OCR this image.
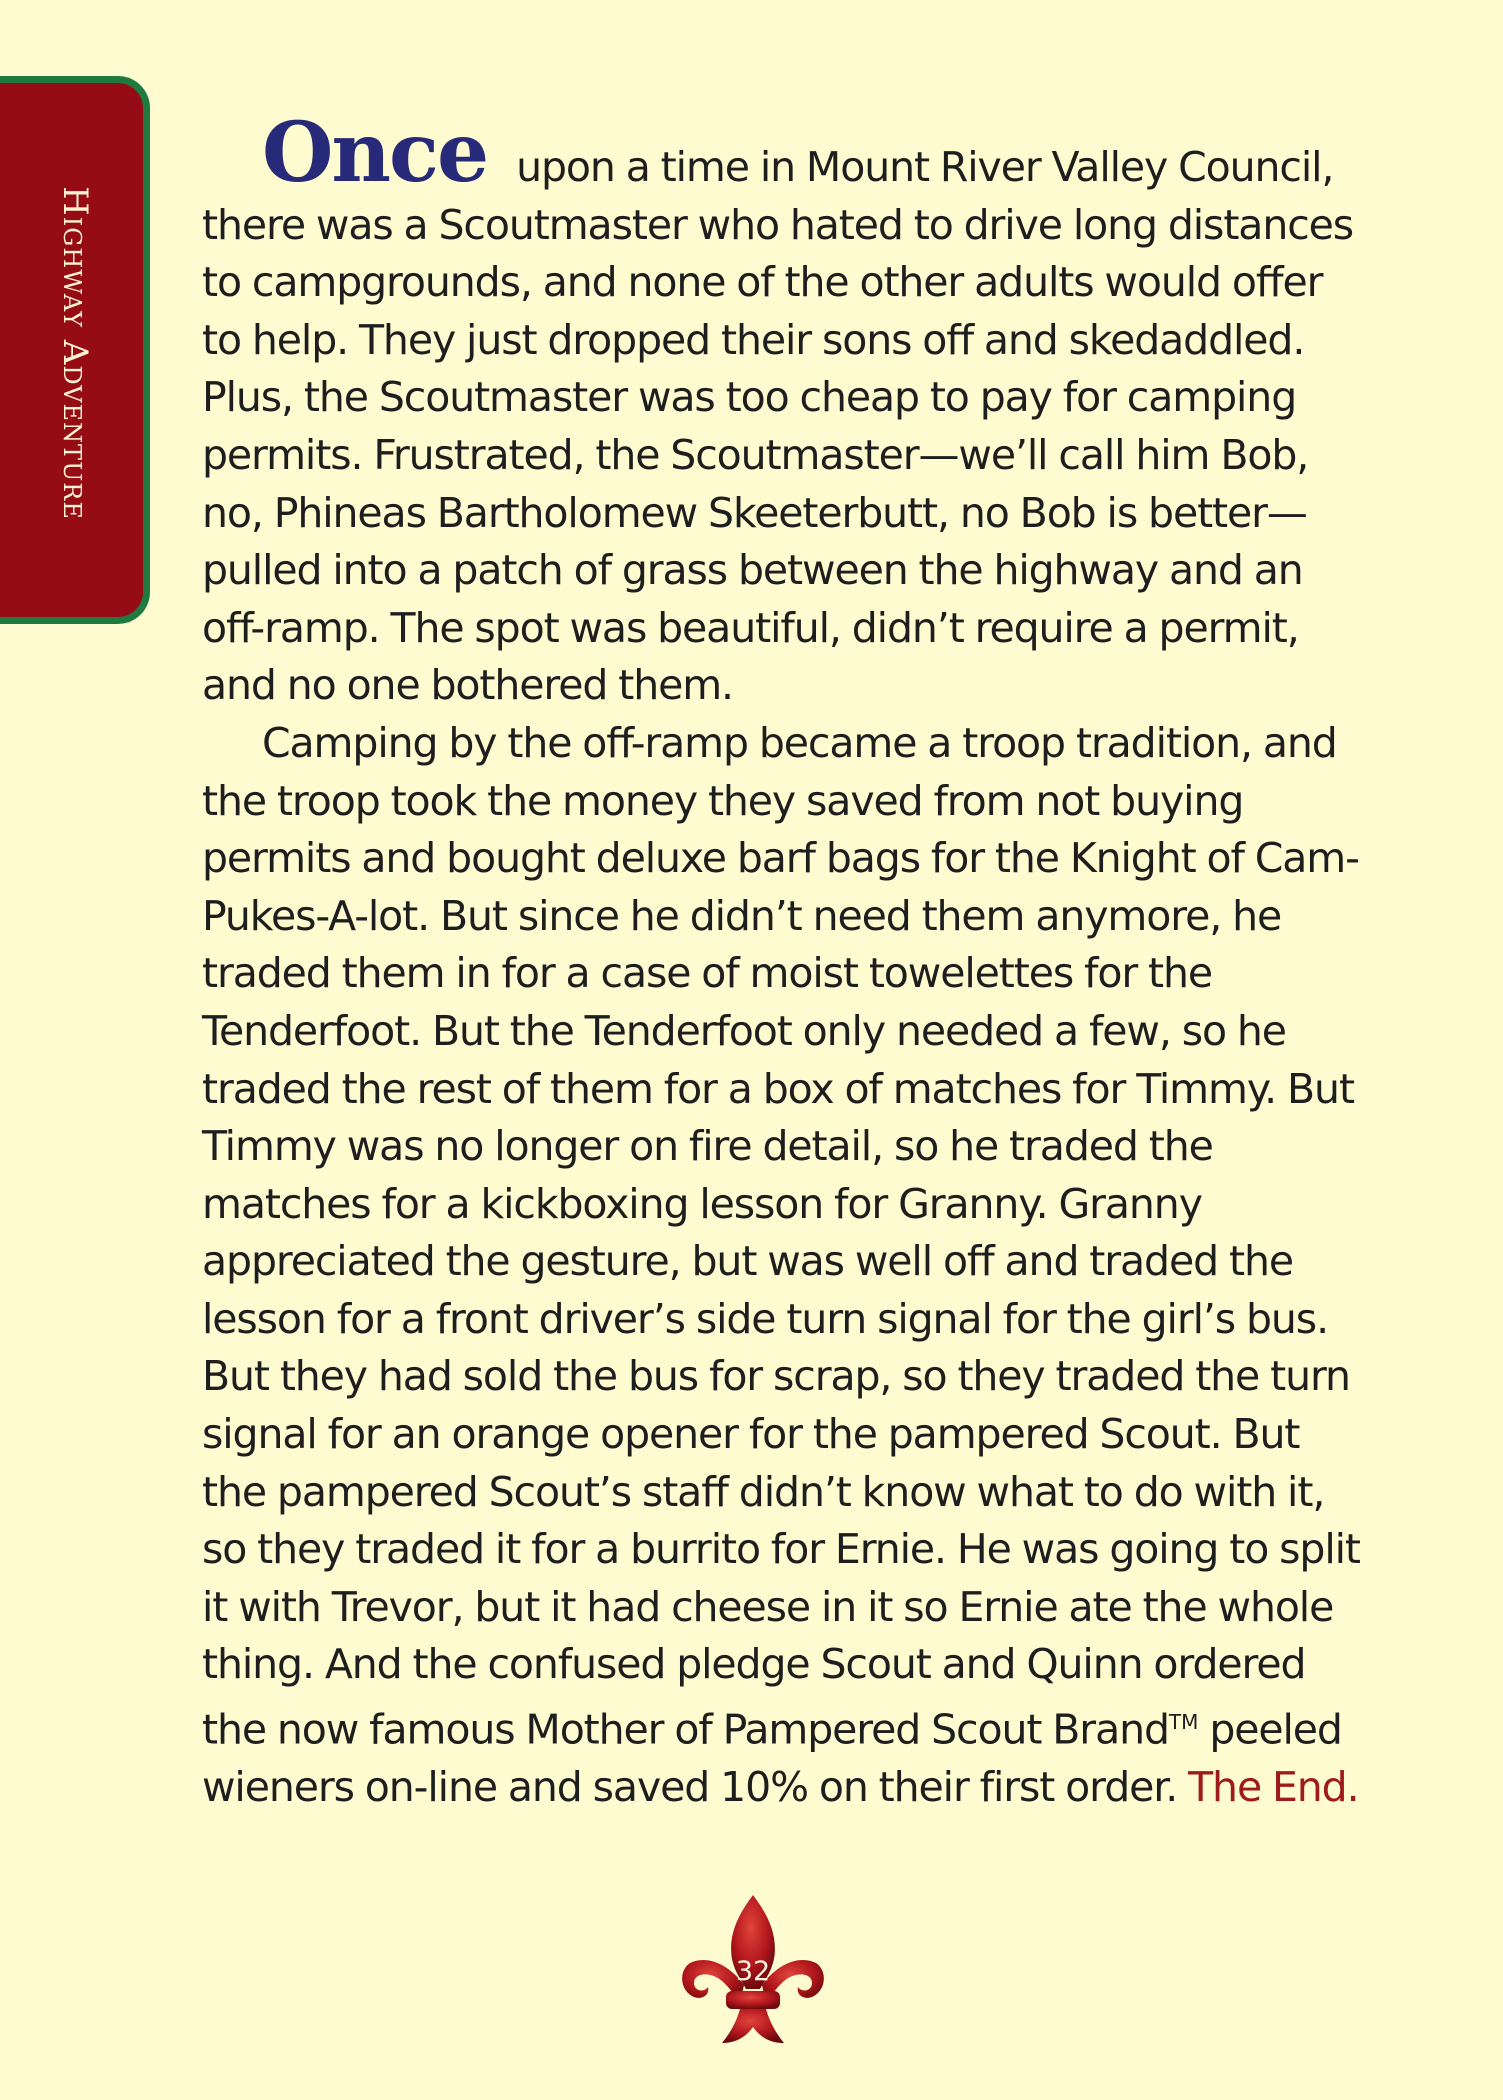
Highway Adventure

Once upon a time in Mount River Valley Council, there was a Scoutmaster who hated to drive long distances to campgrounds, and none of the other adults would offer to help. They just dropped their sons off and skedaddled. Plus, the Scoutmaster was too cheap to pay for camping permits. Frustrated, the Scoutmaster—we’ll call him Bob, no, Phineas Bartholomew Skeeterbutt, no Bob is better—pulled into a patch of grass between the highway and an off-ramp. The spot was beautiful, didn’t require a permit, and no one bothered them.

Camping by the off-ramp became a troop tradition, and the troop took the money they saved from not buying permits and bought deluxe barf bags for the Knight of Cam-Pukes-A-lot. But since he didn’t need them anymore, he traded them in for a case of moist towelettes for the Tenderfoot. But the Tenderfoot only needed a few, so he traded the rest of them for a box of matches for Timmy. But Timmy was no longer on fire detail, so he traded the matches for a kickboxing lesson for Granny. Granny appreciated the gesture, but was well off and traded the lesson for a front driver’s side turn signal for the girl’s bus. But they had sold the bus for scrap, so they traded the turn signal for an orange opener for the pampered Scout. But the pampered Scout’s staff didn’t know what to do with it, so they traded it for a burrito for Ernie. He was going to split it with Trevor, but it had cheese in it so Ernie ate the whole thing. And the confused pledge Scout and Quinn ordered the now famous Mother of Pampered Scout Brand™ peeled wieners on-line and saved 10% on their first order. The End.

32
